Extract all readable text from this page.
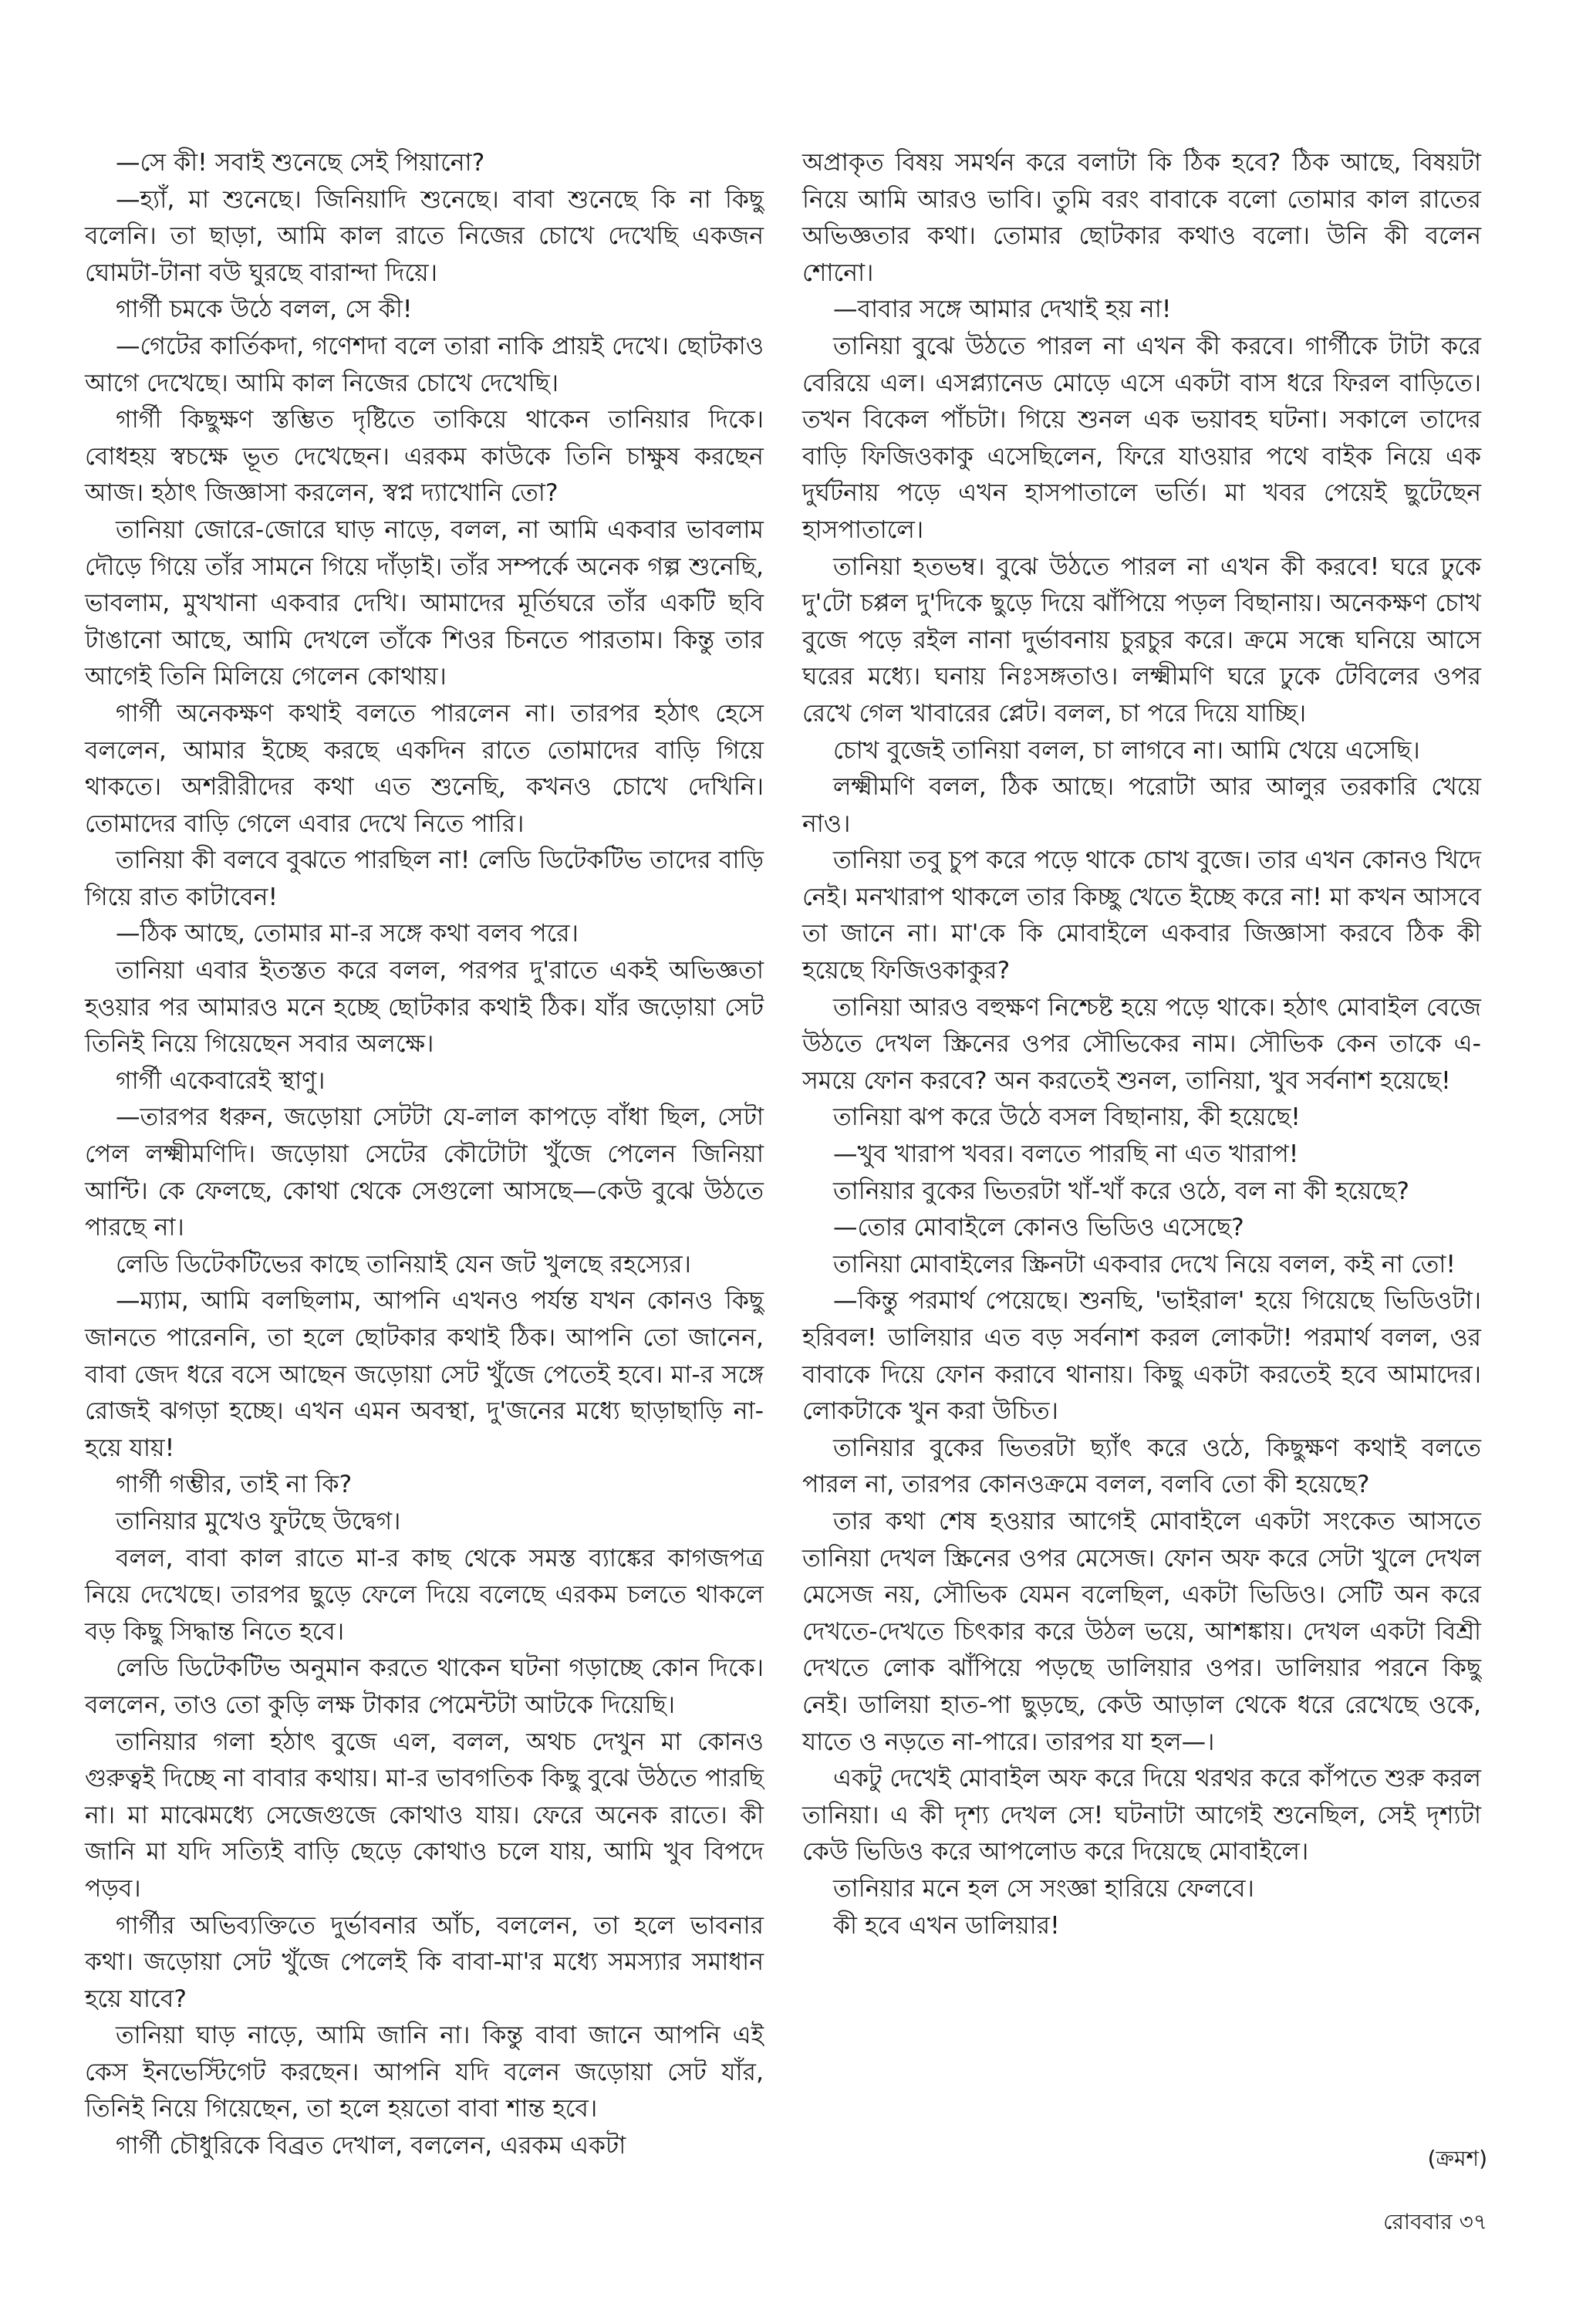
—সে কী! সবাই শুনেছে সেই পিয়ানো?

—হ্যাঁ, মা শুনেছে। জিনিয়াদি শুনেছে। বাবা শুনেছে কি না কিছু বলেনি। তা ছাড়া, আমি কাল রাতে নিজের চোখে দেখেছি একজন ঘোমটা-টানা বউ ঘুরছে বারান্দা দিয়ে।

গার্গী চমকে উঠে বলল, সে কী!

—গেটের কার্তিকদা, গণেশদা বলে তারা নাকি প্রায়ই দেখে। ছোটকাও আগে দেখেছে। আমি কাল নিজের চোখে দেখেছি।

গার্গী কিছুক্ষণ স্তম্ভিত দৃষ্টিতে তাকিয়ে থাকেন তানিয়ার দিকে। বোধহয় স্বচক্ষে ভূত দেখেছেন। এরকম কাউকে তিনি চাক্ষুষ করছেন আজ। হঠাৎ জিজ্ঞাসা করলেন, স্বপ্ন দ্যাখোনি তো?

তানিয়া জোরে-জোরে ঘাড় নাড়ে, বলল, না আমি একবার ভাবলাম দৌড়ে গিয়ে তাঁর সামনে গিয়ে দাঁড়াই। তাঁর সম্পর্কে অনেক গল্প শুনেছি, ভাবলাম, মুখখানা একবার দেখি। আমাদের মূর্তিঘরে তাঁর একটি ছবি টাঙানো আছে, আমি দেখলে তাঁকে শিওর চিনতে পারতাম। কিন্তু তার আগেই তিনি মিলিয়ে গেলেন কোথায়।

গার্গী অনেকক্ষণ কথাই বলতে পারলেন না। তারপর হঠাৎ হেসে বললেন, আমার ইচ্ছে করছে একদিন রাতে তোমাদের বাড়ি গিয়ে থাকতে। অশরীরীদের কথা এত শুনেছি, কখনও চোখে দেখিনি। তোমাদের বাড়ি গেলে এবার দেখে নিতে পারি।

তানিয়া কী বলবে বুঝতে পারছিল না! লেডি ডিটেকটিভ তাদের বাড়ি গিয়ে রাত কাটাবেন!

—ঠিক আছে, তোমার মা-র সঙ্গে কথা বলব পরে।

তানিয়া এবার ইতস্তত করে বলল, পরপর দু'রাতে একই অভিজ্ঞতা হওয়ার পর আমারও মনে হচ্ছে ছোটকার কথাই ঠিক। যাঁর জড়োয়া সেট তিনিই নিয়ে গিয়েছেন সবার অলক্ষে।

গার্গী একেবারেই স্থাণু।

—তারপর ধরুন, জড়োয়া সেটটা যে-লাল কাপড়ে বাঁধা ছিল, সেটা পেল লক্ষ্মীমণিদি। জড়োয়া সেটের কৌটোটা খুঁজে পেলেন জিনিয়া আন্টি। কে ফেলছে, কোথা থেকে সেগুলো আসছে—কেউ বুঝে উঠতে পারছে না।

লেডি ডিটেকটিভের কাছে তানিয়াই যেন জট খুলছে রহস্যের।

—ম্যাম, আমি বলছিলাম, আপনি এখনও পর্যন্ত যখন কোনও কিছু জানতে পারেননি, তা হলে ছোটকার কথাই ঠিক। আপনি তো জানেন, বাবা জেদ ধরে বসে আছেন জড়োয়া সেট খুঁজে পেতেই হবে। মা-র সঙ্গে রোজই ঝগড়া হচ্ছে। এখন এমন অবস্থা, দু'জনের মধ্যে ছাড়াছাড়ি না-হয়ে যায়!

গার্গী গম্ভীর, তাই না কি?

তানিয়ার মুখেও ফুটছে উদ্বেগ।

বলল, বাবা কাল রাতে মা-র কাছ থেকে সমস্ত ব্যাঙ্কের কাগজপত্র নিয়ে দেখেছে। তারপর ছুড়ে ফেলে দিয়ে বলেছে এরকম চলতে থাকলে বড় কিছু সিদ্ধান্ত নিতে হবে।

লেডি ডিটেকটিভ অনুমান করতে থাকেন ঘটনা গড়াচ্ছে কোন দিকে। বললেন, তাও তো কুড়ি লক্ষ টাকার পেমেন্টটা আটকে দিয়েছি।

তানিয়ার গলা হঠাৎ বুজে এল, বলল, অথচ দেখুন মা কোনও গুরুত্বই দিচ্ছে না বাবার কথায়। মা-র ভাবগতিক কিছু বুঝে উঠতে পারছি না। মা মাঝেমধ্যে সেজেগুজে কোথাও যায়। ফেরে অনেক রাতে। কী জানি মা যদি সত্যিই বাড়ি ছেড়ে কোথাও চলে যায়, আমি খুব বিপদে পড়ব।

গার্গীর অভিব্যক্তিতে দুর্ভাবনার আঁচ, বললেন, তা হলে ভাবনার কথা। জড়োয়া সেট খুঁজে পেলেই কি বাবা-মা'র মধ্যে সমস্যার সমাধান হয়ে যাবে?

তানিয়া ঘাড় নাড়ে, আমি জানি না। কিন্তু বাবা জানে আপনি এই কেস ইনভেস্টিগেট করছেন। আপনি যদি বলেন জড়োয়া সেট যাঁর, তিনিই নিয়ে গিয়েছেন, তা হলে হয়তো বাবা শান্ত হবে।

গার্গী চৌধুরিকে বিব্রত দেখাল, বললেন, এরকম একটা

অপ্রাকৃত বিষয় সমর্থন করে বলাটা কি ঠিক হবে? ঠিক আছে, বিষয়টা নিয়ে আমি আরও ভাবি। তুমি বরং বাবাকে বলো তোমার কাল রাতের অভিজ্ঞতার কথা। তোমার ছোটকার কথাও বলো। উনি কী বলেন শোনো।

—বাবার সঙ্গে আমার দেখাই হয় না!

তানিয়া বুঝে উঠতে পারল না এখন কী করবে। গার্গীকে টাটা করে বেরিয়ে এল। এসপ্ল্যানেড মোড়ে এসে একটা বাস ধরে ফিরল বাড়িতে। তখন বিকেল পাঁচটা। গিয়ে শুনল এক ভয়াবহ ঘটনা। সকালে তাদের বাড়ি ফিজিওকাকু এসেছিলেন, ফিরে যাওয়ার পথে বাইক নিয়ে এক দুর্ঘটনায় পড়ে এখন হাসপাতালে ভর্তি। মা খবর পেয়েই ছুটেছেন হাসপাতালে।

তানিয়া হতভম্ব। বুঝে উঠতে পারল না এখন কী করবে! ঘরে ঢুকে দু'টো চপ্পল দু'দিকে ছুড়ে দিয়ে ঝাঁপিয়ে পড়ল বিছানায়। অনেকক্ষণ চোখ বুজে পড়ে রইল নানা দুর্ভাবনায় চুরচুর করে। ক্রমে সন্ধে ঘনিয়ে আসে ঘরের মধ্যে। ঘনায় নিঃসঙ্গতাও। লক্ষ্মীমণি ঘরে ঢুকে টেবিলের ওপর রেখে গেল খাবারের প্লেট। বলল, চা পরে দিয়ে যাচ্ছি।

চোখ বুজেই তানিয়া বলল, চা লাগবে না। আমি খেয়ে এসেছি।

লক্ষ্মীমণি বলল, ঠিক আছে। পরোটা আর আলুর তরকারি খেয়ে নাও।

তানিয়া তবু চুপ করে পড়ে থাকে চোখ বুজে। তার এখন কোনও খিদে নেই। মনখারাপ থাকলে তার কিচ্ছু খেতে ইচ্ছে করে না! মা কখন আসবে তা জানে না। মা'কে কি মোবাইলে একবার জিজ্ঞাসা করবে ঠিক কী হয়েছে ফিজিওকাকুর?

তানিয়া আরও বহুক্ষণ নিশ্চেষ্ট হয়ে পড়ে থাকে। হঠাৎ মোবাইল বেজে উঠতে দেখল স্ক্রিনের ওপর সৌভিকের নাম। সৌভিক কেন তাকে এ-সময়ে ফোন করবে? অন করতেই শুনল, তানিয়া, খুব সর্বনাশ হয়েছে!

তানিয়া ঝপ করে উঠে বসল বিছানায়, কী হয়েছে!

—খুব খারাপ খবর। বলতে পারছি না এত খারাপ!

তানিয়ার বুকের ভিতরটা খাঁ-খাঁ করে ওঠে, বল না কী হয়েছে?

—তোর মোবাইলে কোনও ভিডিও এসেছে?

তানিয়া মোবাইলের স্ক্রিনটা একবার দেখে নিয়ে বলল, কই না তো!

—কিন্তু পরমার্থ পেয়েছে। শুনছি, 'ভাইরাল' হয়ে গিয়েছে ভিডিওটা। হরিবল! ডালিয়ার এত বড় সর্বনাশ করল লোকটা! পরমার্থ বলল, ওর বাবাকে দিয়ে ফোন করাবে থানায়। কিছু একটা করতেই হবে আমাদের। লোকটাকে খুন করা উচিত।

তানিয়ার বুকের ভিতরটা ছ্যাঁৎ করে ওঠে, কিছুক্ষণ কথাই বলতে পারল না, তারপর কোনওক্রমে বলল, বলবি তো কী হয়েছে?

তার কথা শেষ হওয়ার আগেই মোবাইলে একটা সংকেত আসতে তানিয়া দেখল স্ক্রিনের ওপর মেসেজ। ফোন অফ করে সেটা খুলে দেখল মেসেজ নয়, সৌভিক যেমন বলেছিল, একটা ভিডিও। সেটি অন করে দেখতে-দেখতে চিৎকার করে উঠল ভয়ে, আশঙ্কায়। দেখল একটা বিশ্রী দেখতে লোক ঝাঁপিয়ে পড়ছে ডালিয়ার ওপর। ডালিয়ার পরনে কিছু নেই। ডালিয়া হাত-পা ছুড়ছে, কেউ আড়াল থেকে ধরে রেখেছে ওকে, যাতে ও নড়তে না-পারে। তারপর যা হল—।

একটু দেখেই মোবাইল অফ করে দিয়ে থরথর করে কাঁপতে শুরু করল তানিয়া। এ কী দৃশ্য দেখল সে! ঘটনাটা আগেই শুনেছিল, সেই দৃশ্যটা কেউ ভিডিও করে আপলোড করে দিয়েছে মোবাইলে।

তানিয়ার মনে হল সে সংজ্ঞা হারিয়ে ফেলবে।

কী হবে এখন ডালিয়ার!

(ক্রমশ)
রোববার ৩৭
